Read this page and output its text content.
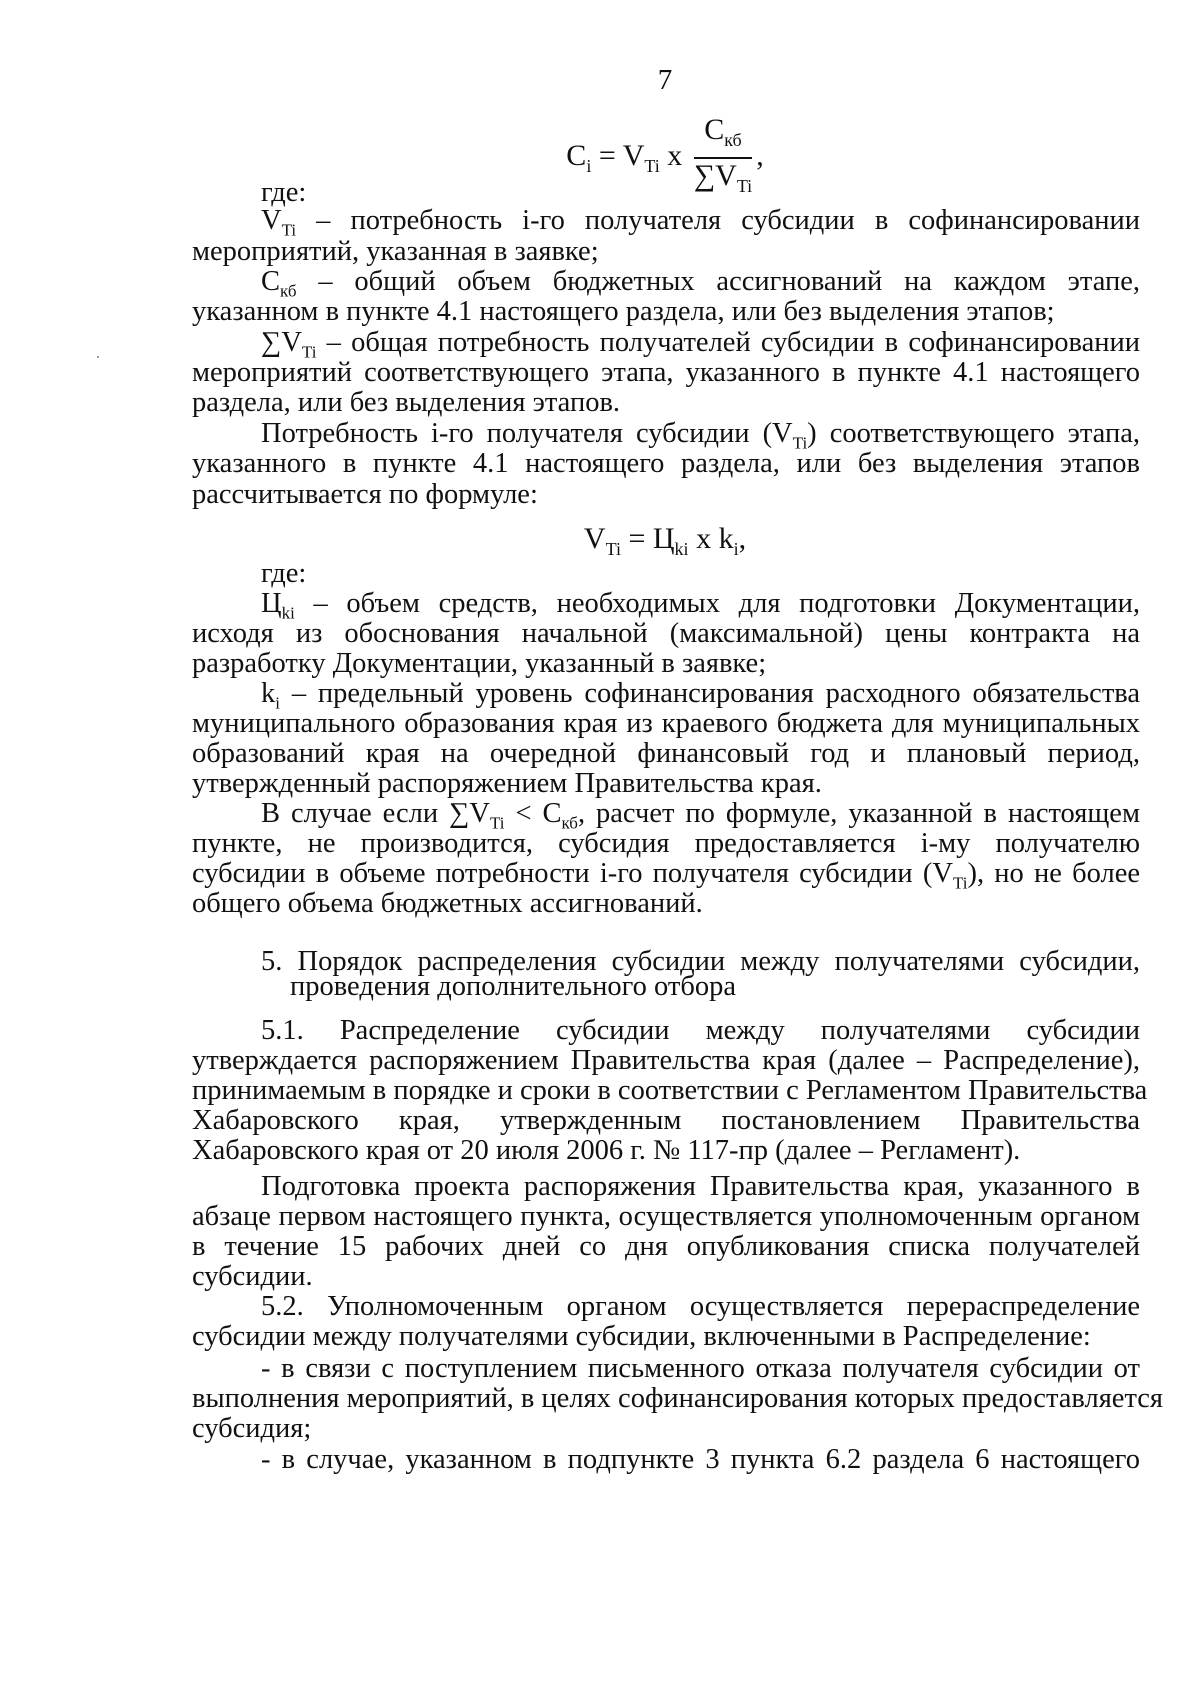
7
$C_i = V_{Ti}$ x $\frac{C_{кб}}{\sum V_{Ti}}$ ,
где:
$V_{Ti}$ – потребность i-го получателя субсидии в софинансировании
мероприятий, указанная в заявке;
$C_{кб}$ – общий объем бюджетных ассигнований на каждом этапе,
указанном в пункте 4.1 настоящего раздела, или без выделения этапов;
$\sum V_{Ti}$ – общая потребность получателей субсидии в софинансировании
мероприятий соответствующего этапа, указанного в пункте 4.1 настоящего
раздела, или без выделения этапов.
Потребность i-го получателя субсидии $(V_{Ti})$ соответствующего этапа,
указанного в пункте 4.1 настоящего раздела, или без выделения этапов
рассчитывается по формуле:
$V_{Ti} = Ц_{ki}$ x $k_i$,
где:
$Ц_{ki}$ – объем средств, необходимых для подготовки Документации,
исходя из обоснования начальной (максимальной) цены контракта на
разработку Документации, указанный в заявке;
$k_i$ – предельный уровень софинансирования расходного обязательства
муниципального образования края из краевого бюджета для муниципальных
образований края на очередной финансовый год и плановый период,
утвержденный распоряжением Правительства края.
В случае если $\sum V_{Ti} < C_{кб}$, расчет по формуле, указанной в настоящем
пункте, не производится, субсидия предоставляется i-му получателю
субсидии в объеме потребности i-го получателя субсидии $(V_{Ti})$, но не более
общего объема бюджетных ассигнований.
5. Порядок распределения субсидии между получателями субсидии,
проведения дополнительного отбора
5.1. Распределение субсидии между получателями субсидии
утверждается распоряжением Правительства края (далее – Распределение),
принимаемым в порядке и сроки в соответствии с Регламентом Правительства
Хабаровского края, утвержденным постановлением Правительства
Хабаровского края от 20 июля 2006 г. № 117-пр (далее – Регламент).
Подготовка проекта распоряжения Правительства края, указанного в
абзаце первом настоящего пункта, осуществляется уполномоченным органом
в течение 15 рабочих дней со дня опубликования списка получателей
субсидии.
5.2. Уполномоченным органом осуществляется перераспределение
субсидии между получателями субсидии, включенными в Распределение:
- в связи с поступлением письменного отказа получателя субсидии от
выполнения мероприятий, в целях софинансирования которых предоставляется
субсидия;
- в случае, указанном в подпункте 3 пункта 6.2 раздела 6 настоящего
